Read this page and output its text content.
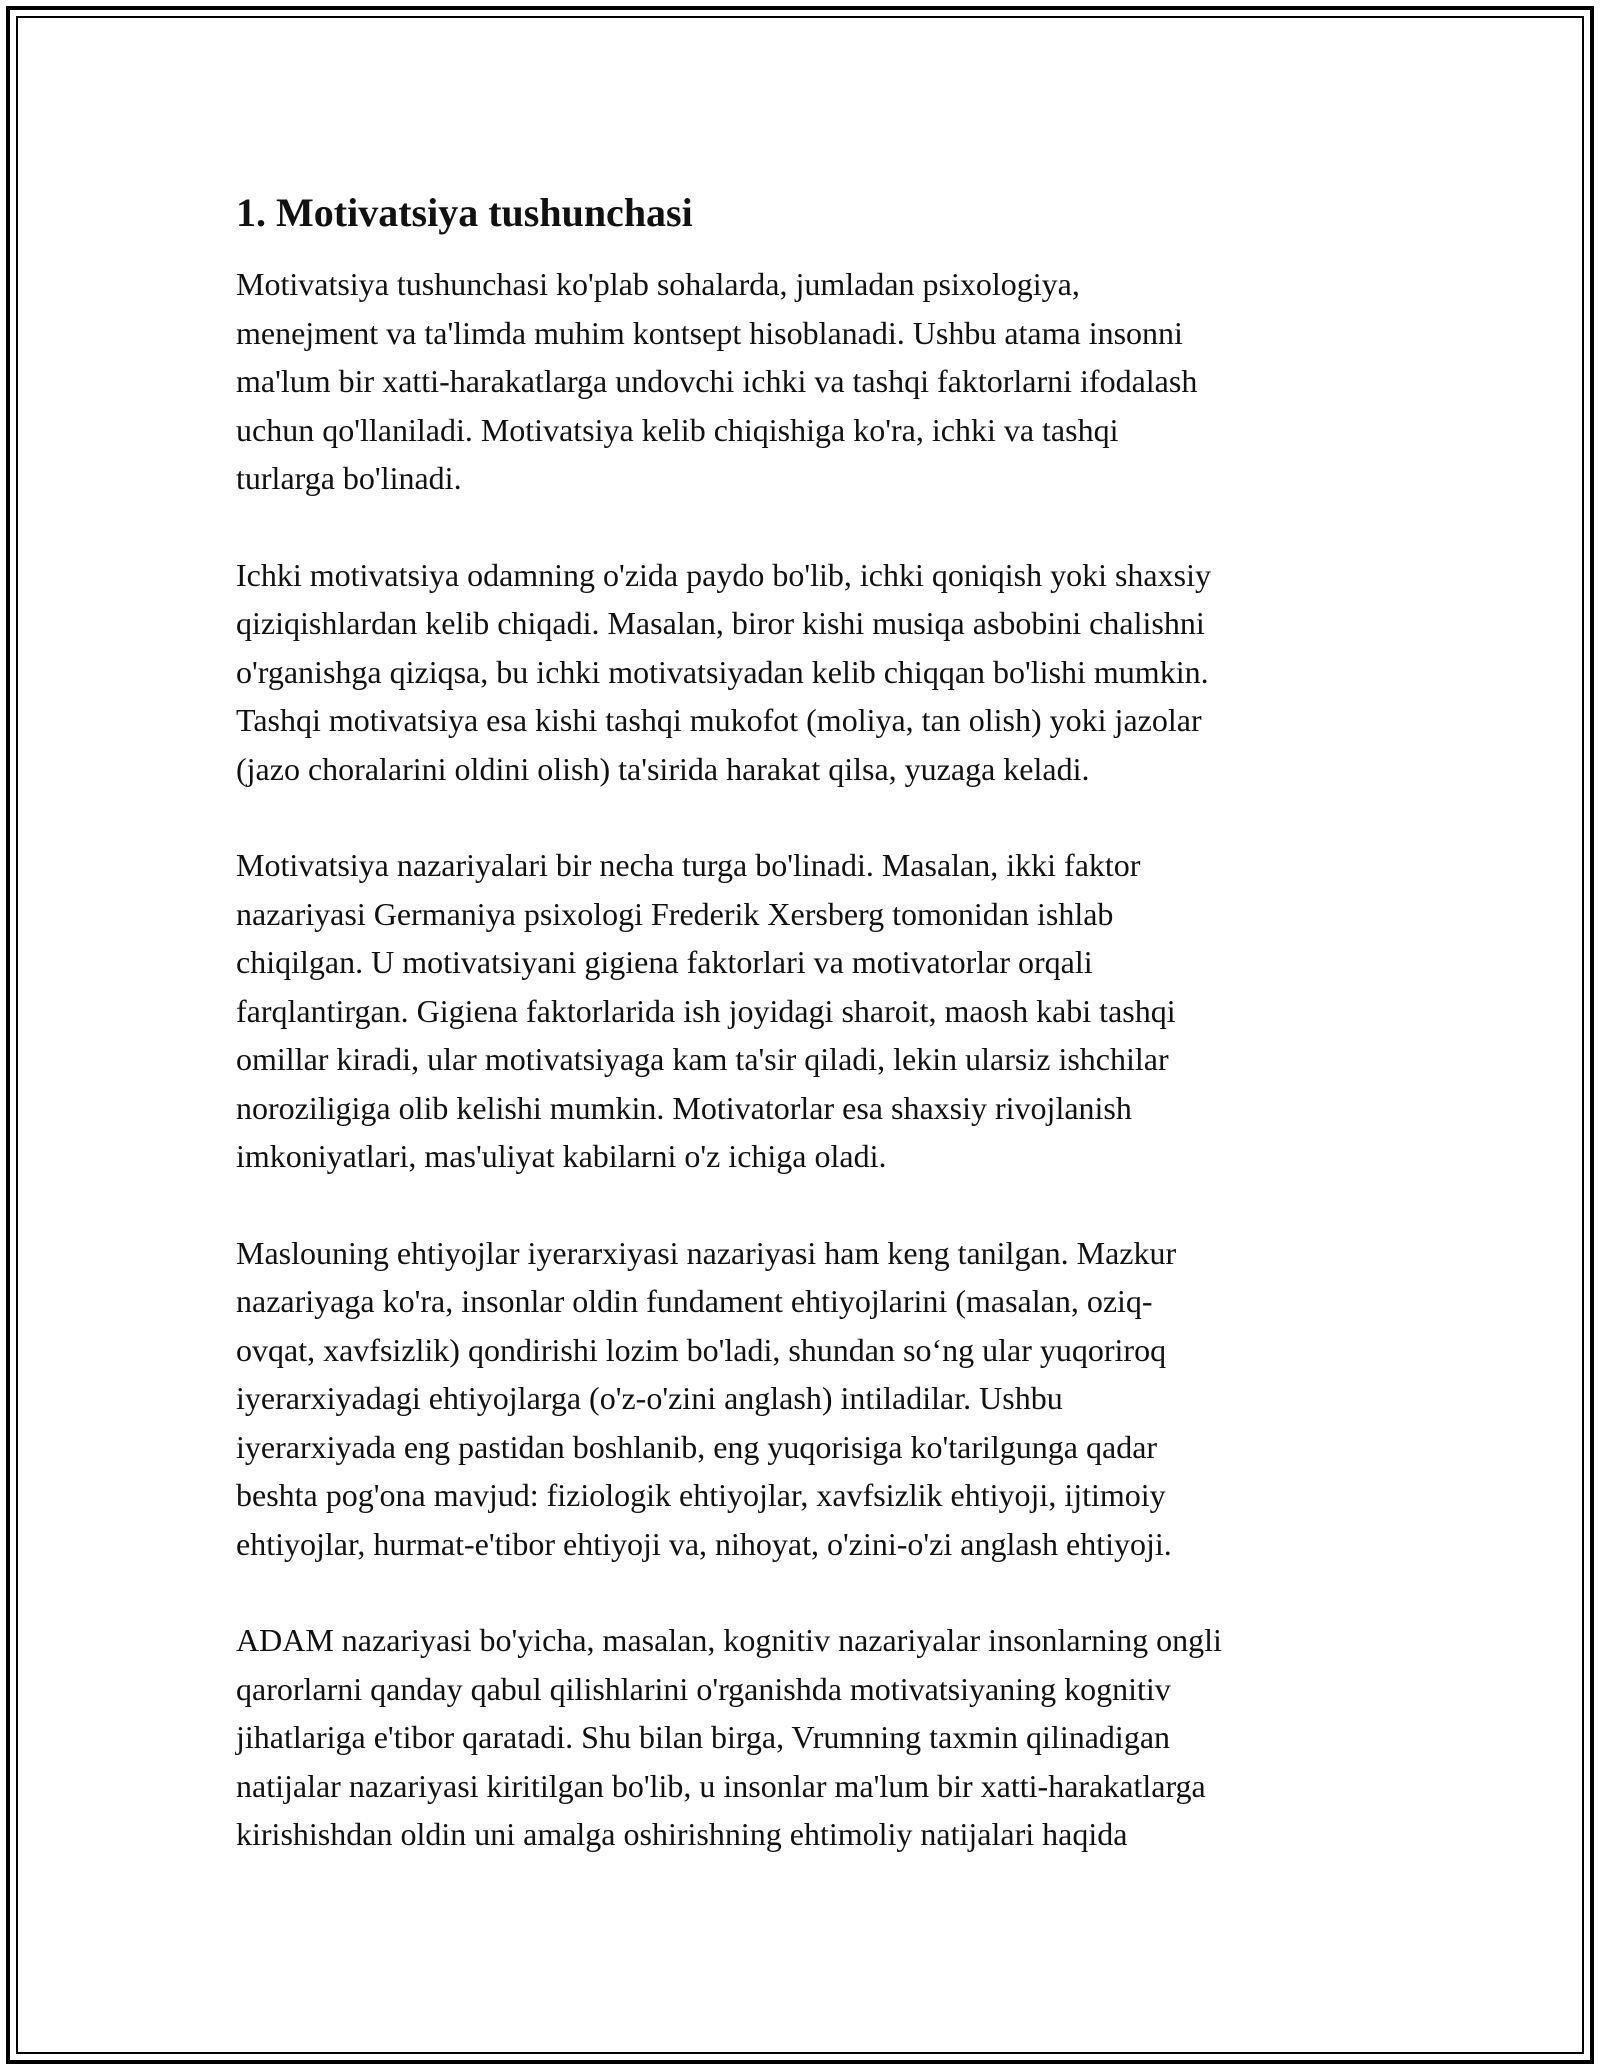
1. Motivatsiya tushunchasi
Motivatsiya tushunchasi ko'plab sohalarda, jumladan psixologiya,
menejment va ta'limda muhim kontsept hisoblanadi. Ushbu atama insonni
ma'lum bir xatti-harakatlarga undovchi ichki va tashqi faktorlarni ifodalash
uchun qo'llaniladi. Motivatsiya kelib chiqishiga ko'ra, ichki va tashqi
turlarga bo'linadi.
Ichki motivatsiya odamning o'zida paydo bo'lib, ichki qoniqish yoki shaxsiy
qiziqishlardan kelib chiqadi. Masalan, biror kishi musiqa asbobini chalishni
o'rganishga qiziqsa, bu ichki motivatsiyadan kelib chiqqan bo'lishi mumkin.
Tashqi motivatsiya esa kishi tashqi mukofot (moliya, tan olish) yoki jazolar
(jazo choralarini oldini olish) ta'sirida harakat qilsa, yuzaga keladi.
Motivatsiya nazariyalari bir necha turga bo'linadi. Masalan, ikki faktor
nazariyasi Germaniya psixologi Frederik Xersberg tomonidan ishlab
chiqilgan. U motivatsiyani gigiena faktorlari va motivatorlar orqali
farqlantirgan. Gigiena faktorlarida ish joyidagi sharoit, maosh kabi tashqi
omillar kiradi, ular motivatsiyaga kam ta'sir qiladi, lekin ularsiz ishchilar
noroziligiga olib kelishi mumkin. Motivatorlar esa shaxsiy rivojlanish
imkoniyatlari, mas'uliyat kabilarni o'z ichiga oladi.
Maslouning ehtiyojlar iyerarxiyasi nazariyasi ham keng tanilgan. Mazkur
nazariyaga ko'ra, insonlar oldin fundament ehtiyojlarini (masalan, oziq-
ovqat, xavfsizlik) qondirishi lozim bo'ladi, shundan so‘ng ular yuqoriroq
iyerarxiyadagi ehtiyojlarga (o'z-o'zini anglash) intiladilar. Ushbu
iyerarxiyada eng pastidan boshlanib, eng yuqorisiga ko'tarilgunga qadar
beshta pog'ona mavjud: fiziologik ehtiyojlar, xavfsizlik ehtiyoji, ijtimoiy
ehtiyojlar, hurmat-e'tibor ehtiyoji va, nihoyat, o'zini-o'zi anglash ehtiyoji.
ADAM nazariyasi bo'yicha, masalan, kognitiv nazariyalar insonlarning ongli
qarorlarni qanday qabul qilishlarini o'rganishda motivatsiyaning kognitiv
jihatlariga e'tibor qaratadi. Shu bilan birga, Vrumning taxmin qilinadigan
natijalar nazariyasi kiritilgan bo'lib, u insonlar ma'lum bir xatti-harakatlarga
kirishishdan oldin uni amalga oshirishning ehtimoliy natijalari haqida
